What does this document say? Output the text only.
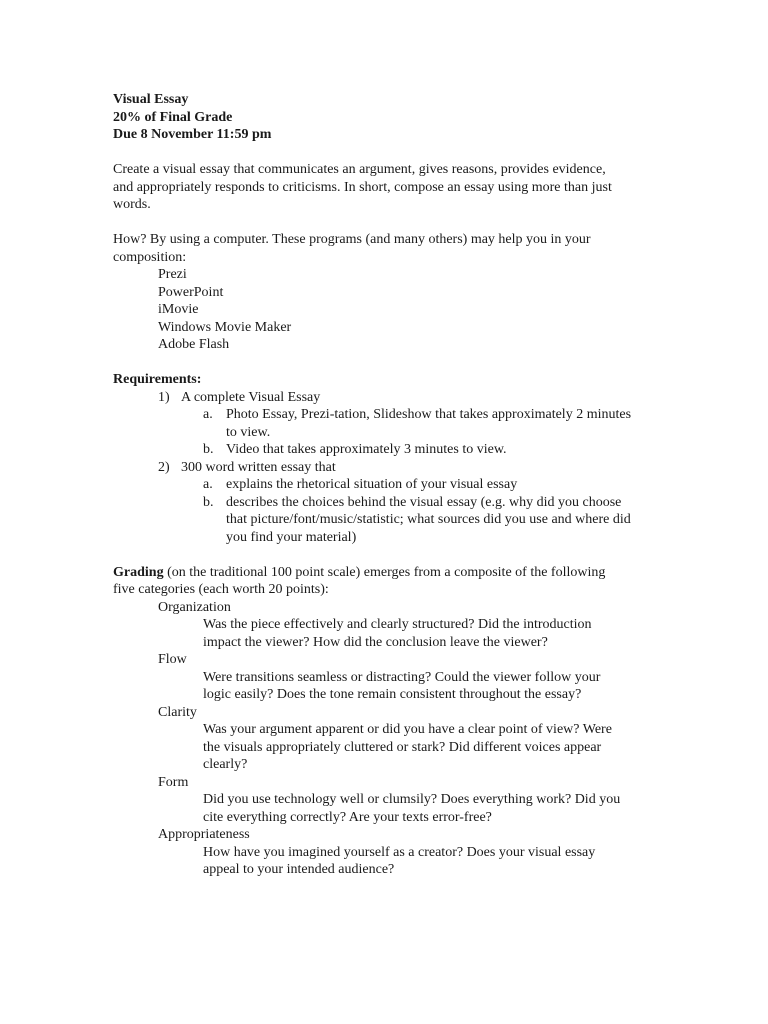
Visual Essay
20% of Final Grade
Due 8 November 11:59 pm
Create a visual essay that communicates an argument, gives reasons, provides evidence,
and appropriately responds to criticisms. In short, compose an essay using more than just
words.
How? By using a computer. These programs (and many others) may help you in your
composition:
Prezi
PowerPoint
iMovie
Windows Movie Maker
Adobe Flash
Requirements:
1) A complete Visual Essay
a. Photo Essay, Prezi-tation, Slideshow that takes approximately 2 minutes
to view.
b. Video that takes approximately 3 minutes to view.
2) 300 word written essay that
a. explains the rhetorical situation of your visual essay
b. describes the choices behind the visual essay (e.g. why did you choose
that picture/font/music/statistic; what sources did you use and where did
you find your material)
Grading (on the traditional 100 point scale) emerges from a composite of the following
five categories (each worth 20 points):
Organization
Was the piece effectively and clearly structured? Did the introduction
impact the viewer? How did the conclusion leave the viewer?
Flow
Were transitions seamless or distracting? Could the viewer follow your
logic easily? Does the tone remain consistent throughout the essay?
Clarity
Was your argument apparent or did you have a clear point of view? Were
the visuals appropriately cluttered or stark? Did different voices appear
clearly?
Form
Did you use technology well or clumsily? Does everything work? Did you
cite everything correctly? Are your texts error-free?
Appropriateness
How have you imagined yourself as a creator? Does your visual essay
appeal to your intended audience?
